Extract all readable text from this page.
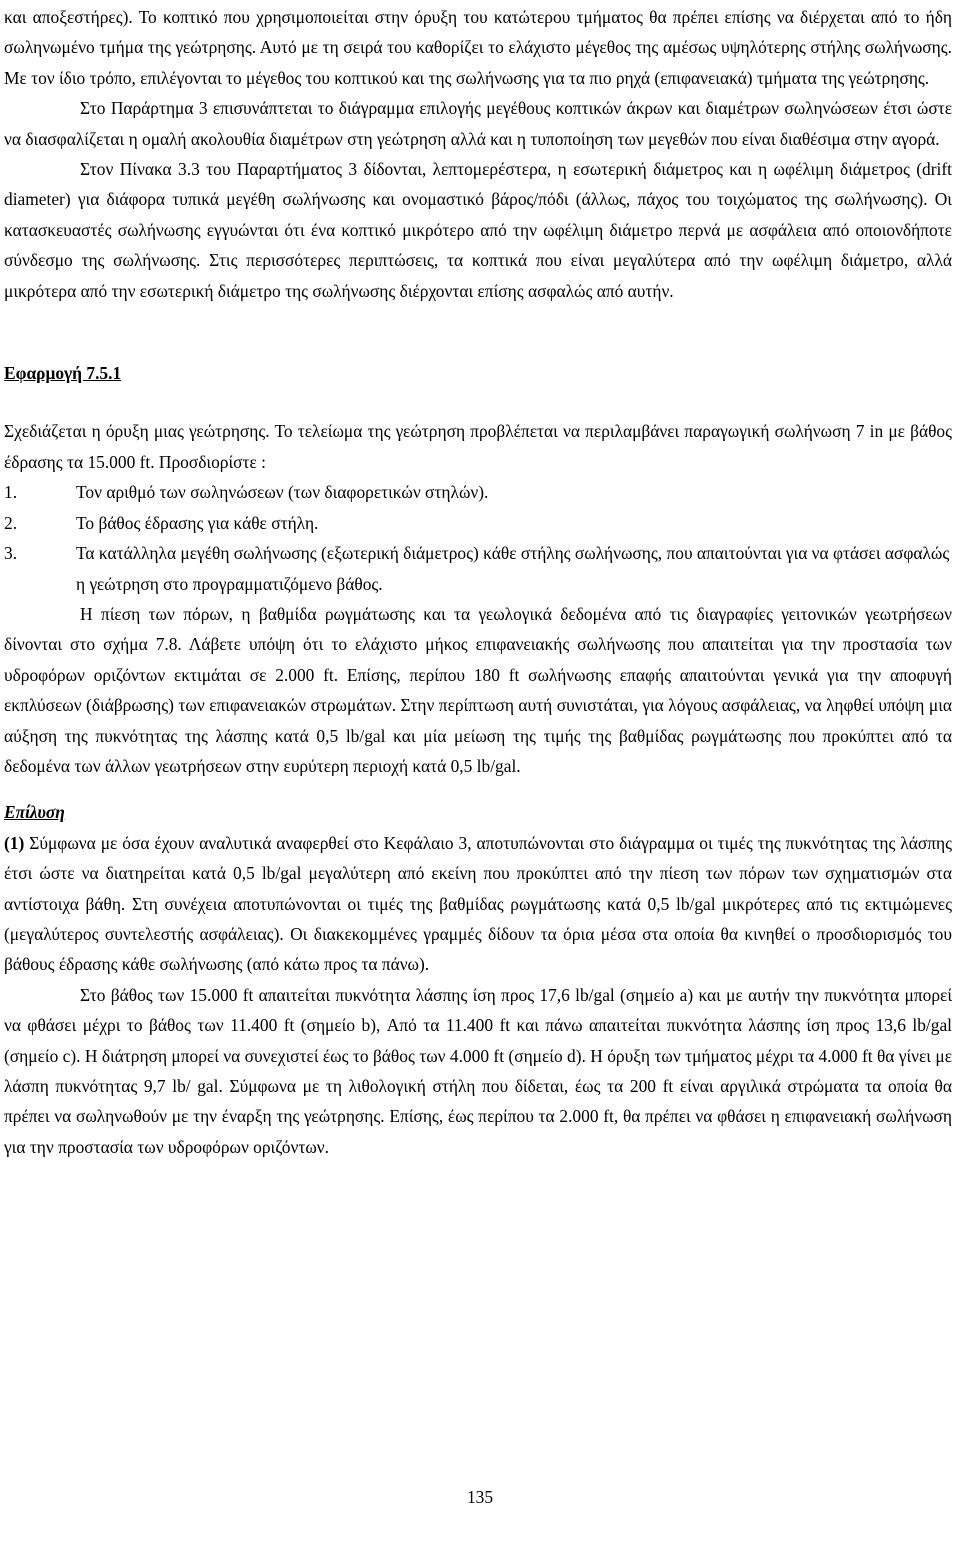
και αποξεστήρες). Το κοπτικό που χρησιμοποιείται στην όρυξη του κατώτερου τμήματος θα πρέπει επίσης να διέρχεται από το ήδη σωληνωμένο τμήμα της γεώτρησης. Αυτό με τη σειρά του καθορίζει το ελάχιστο μέγεθος της αμέσως υψηλότερης στήλης σωλήνωσης. Με τον ίδιο τρόπο, επιλέγονται το μέγεθος του κοπτικού και της σωλήνωσης για τα πιο ρηχά (επιφανειακά) τμήματα της γεώτρησης.

Στο Παράρτημα 3 επισυνάπτεται το διάγραμμα επιλογής μεγέθους κοπτικών άκρων και διαμέτρων σωληνώσεων έτσι ώστε να διασφαλίζεται η ομαλή ακολουθία διαμέτρων στη γεώτρηση αλλά και η τυποποίηση των μεγεθών που είναι διαθέσιμα στην αγορά.

Στον Πίνακα 3.3 του Παραρτήματος 3 δίδονται, λεπτομερέστερα, η εσωτερική διάμετρος και η ωφέλιμη διάμετρος (drift diameter) για διάφορα τυπικά μεγέθη σωλήνωσης και ονομαστικό βάρος/πόδι (άλλως, πάχος του τοιχώματος της σωλήνωσης). Οι κατασκευαστές σωλήνωσης εγγυώνται ότι ένα κοπτικό μικρότερο από την ωφέλιμη διάμετρο περνά με ασφάλεια από οποιονδήποτε σύνδεσμο της σωλήνωσης. Στις περισσότερες περιπτώσεις, τα κοπτικά που είναι μεγαλύτερα από την ωφέλιμη διάμετρο, αλλά μικρότερα από την εσωτερική διάμετρο της σωλήνωσης διέρχονται επίσης ασφαλώς από αυτήν.

Εφαρμογή 7.5.1

Σχεδιάζεται η όρυξη μιας γεώτρησης. Το τελείωμα της γεώτρηση προβλέπεται να περιλαμβάνει παραγωγική σωλήνωση 7 in με βάθος έδρασης τα 15.000 ft. Προσδιορίστε :

1.	Τον αριθμό των σωληνώσεων (των διαφορετικών στηλών).
2.	Το βάθος έδρασης για κάθε στήλη.
3.	Τα κατάλληλα μεγέθη σωλήνωσης (εξωτερική διάμετρος) κάθε στήλης σωλήνωσης, που απαιτούνται για να φτάσει ασφαλώς η γεώτρηση στο προγραμματιζόμενο βάθος.

Η πίεση των πόρων, η βαθμίδα ρωγμάτωσης και τα γεωλογικά δεδομένα από τις διαγραφίες γειτονικών γεωτρήσεων δίνονται στο σχήμα 7.8. Λάβετε υπόψη ότι το ελάχιστο μήκος επιφανειακής σωλήνωσης που απαιτείται για την προστασία των υδροφόρων οριζόντων εκτιμάται σε 2.000 ft. Επίσης, περίπου 180 ft σωλήνωσης επαφής απαιτούνται γενικά για την αποφυγή εκπλύσεων (διάβρωσης) των επιφανειακών στρωμάτων. Στην περίπτωση αυτή συνιστάται, για λόγους ασφάλειας, να ληφθεί υπόψη μια αύξηση της πυκνότητας της λάσπης κατά 0,5 lb/gal και μία μείωση της τιμής της βαθμίδας ρωγμάτωσης που προκύπτει από τα δεδομένα των άλλων γεωτρήσεων στην ευρύτερη περιοχή κατά 0,5 lb/gal.

Επίλυση

(1) Σύμφωνα με όσα έχουν αναλυτικά αναφερθεί στο Κεφάλαιο 3, αποτυπώνονται στο διάγραμμα οι τιμές της πυκνότητας της λάσπης έτσι ώστε να διατηρείται κατά 0,5 lb/gal μεγαλύτερη από εκείνη που προκύπτει από την πίεση των πόρων των σχηματισμών στα αντίστοιχα βάθη. Στη συνέχεια αποτυπώνονται οι τιμές της βαθμίδας ρωγμάτωσης κατά 0,5 lb/gal μικρότερες από τις εκτιμώμενες (μεγαλύτερος συντελεστής ασφάλειας). Οι διακεκομμένες γραμμές δίδουν τα όρια μέσα στα οποία θα κινηθεί ο προσδιορισμός του βάθους έδρασης κάθε σωλήνωσης (από κάτω προς τα πάνω).

Στο βάθος των 15.000 ft απαιτείται πυκνότητα λάσπης ίση προς 17,6 lb/gal (σημείο a) και με αυτήν την πυκνότητα μπορεί να φθάσει μέχρι το βάθος των 11.400 ft (σημείο b), Από τα 11.400 ft και πάνω απαιτείται πυκνότητα λάσπης ίση προς 13,6 lb/gal (σημείο c). Η διάτρηση μπορεί να συνεχιστεί έως το βάθος των 4.000 ft (σημείο d). Η όρυξη των τμήματος μέχρι τα 4.000 ft θα γίνει με λάσπη πυκνότητας 9,7 lb/ gal. Σύμφωνα με τη λιθολογική στήλη που δίδεται, έως τα 200 ft είναι αργιλικά στρώματα τα οποία θα πρέπει να σωληνωθούν με την έναρξη της γεώτρησης. Επίσης, έως περίπου τα 2.000 ft, θα πρέπει να φθάσει η επιφανειακή σωλήνωση για την προστασία των υδροφόρων οριζόντων.

135
